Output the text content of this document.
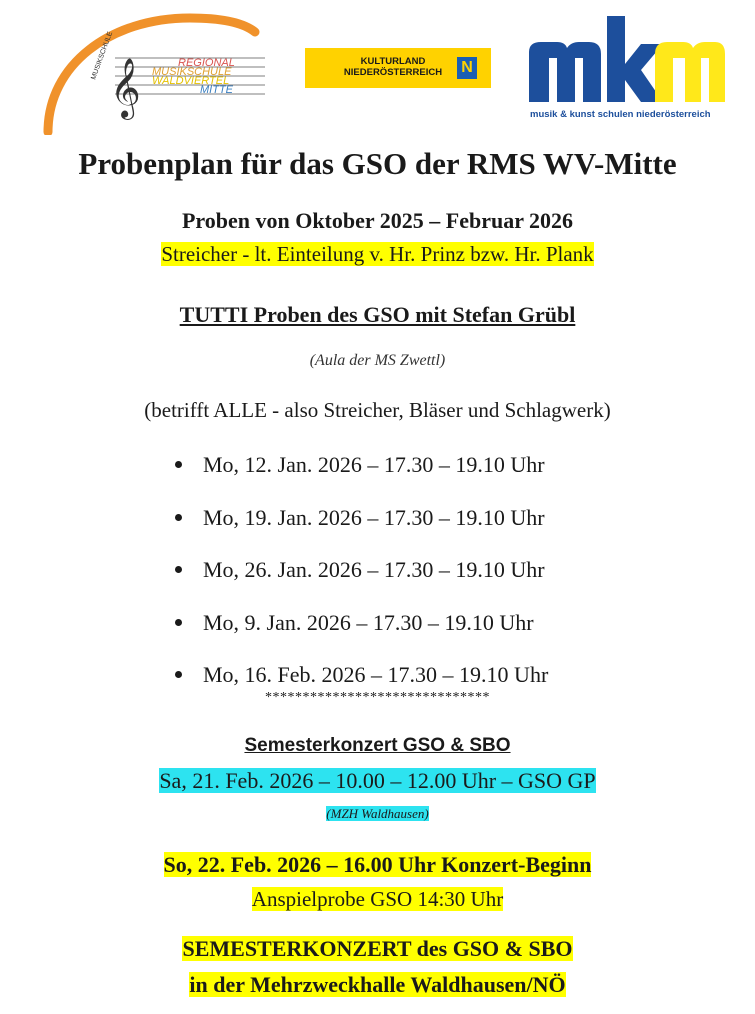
𝄞
MUSIKSCHULE	REGIONAL
MUSIKSCHULE
WALDVIERTEL
MITTE
KULTURLAND
NIEDERÖSTERREICH	N
musik & kunst schulen niederösterreich
Probenplan für das GSO der RMS WV-Mitte
Proben von Oktober 2025 – Februar 2026
Streicher - lt. Einteilung v. Hr. Prinz bzw. Hr. Plank
TUTTI Proben des GSO mit Stefan Grübl
(Aula der MS Zwettl)
(betrifft ALLE - also Streicher, Bläser und Schlagwerk)
Mo, 12. Jan. 2026 – 17.30 – 19.10 Uhr
Mo, 19. Jan. 2026 – 17.30 – 19.10 Uhr
Mo, 26. Jan. 2026 – 17.30 – 19.10 Uhr
Mo, 9. Jan. 2026 – 17.30 – 19.10 Uhr
Mo, 16. Feb. 2026 – 17.30 – 19.10 Uhr
******************************
Semesterkonzert GSO & SBO
Sa, 21. Feb. 2026 – 10.00 – 12.00 Uhr – GSO GP
(MZH Waldhausen)
So, 22. Feb. 2026 – 16.00 Uhr Konzert-Beginn
Anspielprobe GSO 14:30 Uhr
SEMESTERKONZERT des GSO & SBO
in der Mehrzweckhalle Waldhausen/NÖ
